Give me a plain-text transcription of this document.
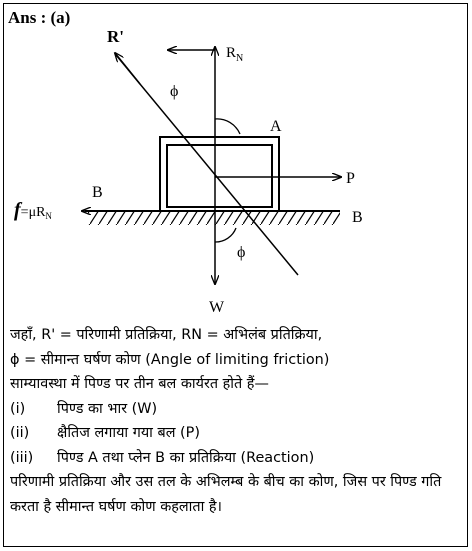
Ans : (a)
R'
$R_N$
ϕ
A
P
B
B
ϕ
W
$f=\mu R_N$
जहाँ, R' = परिणामी प्रतिक्रिया, RN = अभिलंब प्रतिक्रिया,
ϕ = सीमान्त घर्षण कोण (Angle of limiting friction)
साम्यावस्था में पिण्ड पर तीन बल कार्यरत होते हैं—
(i) पिण्ड का भार (W)
(ii) क्षैतिज लगाया गया बल (P)
(iii) पिण्ड A तथा प्लेन B का प्रतिक्रिया (Reaction)
परिणामी प्रतिक्रिया और उस तल के अभिलम्ब के बीच का कोण, जिस पर पिण्ड गति करता है सीमान्त घर्षण कोण कहलाता है।
